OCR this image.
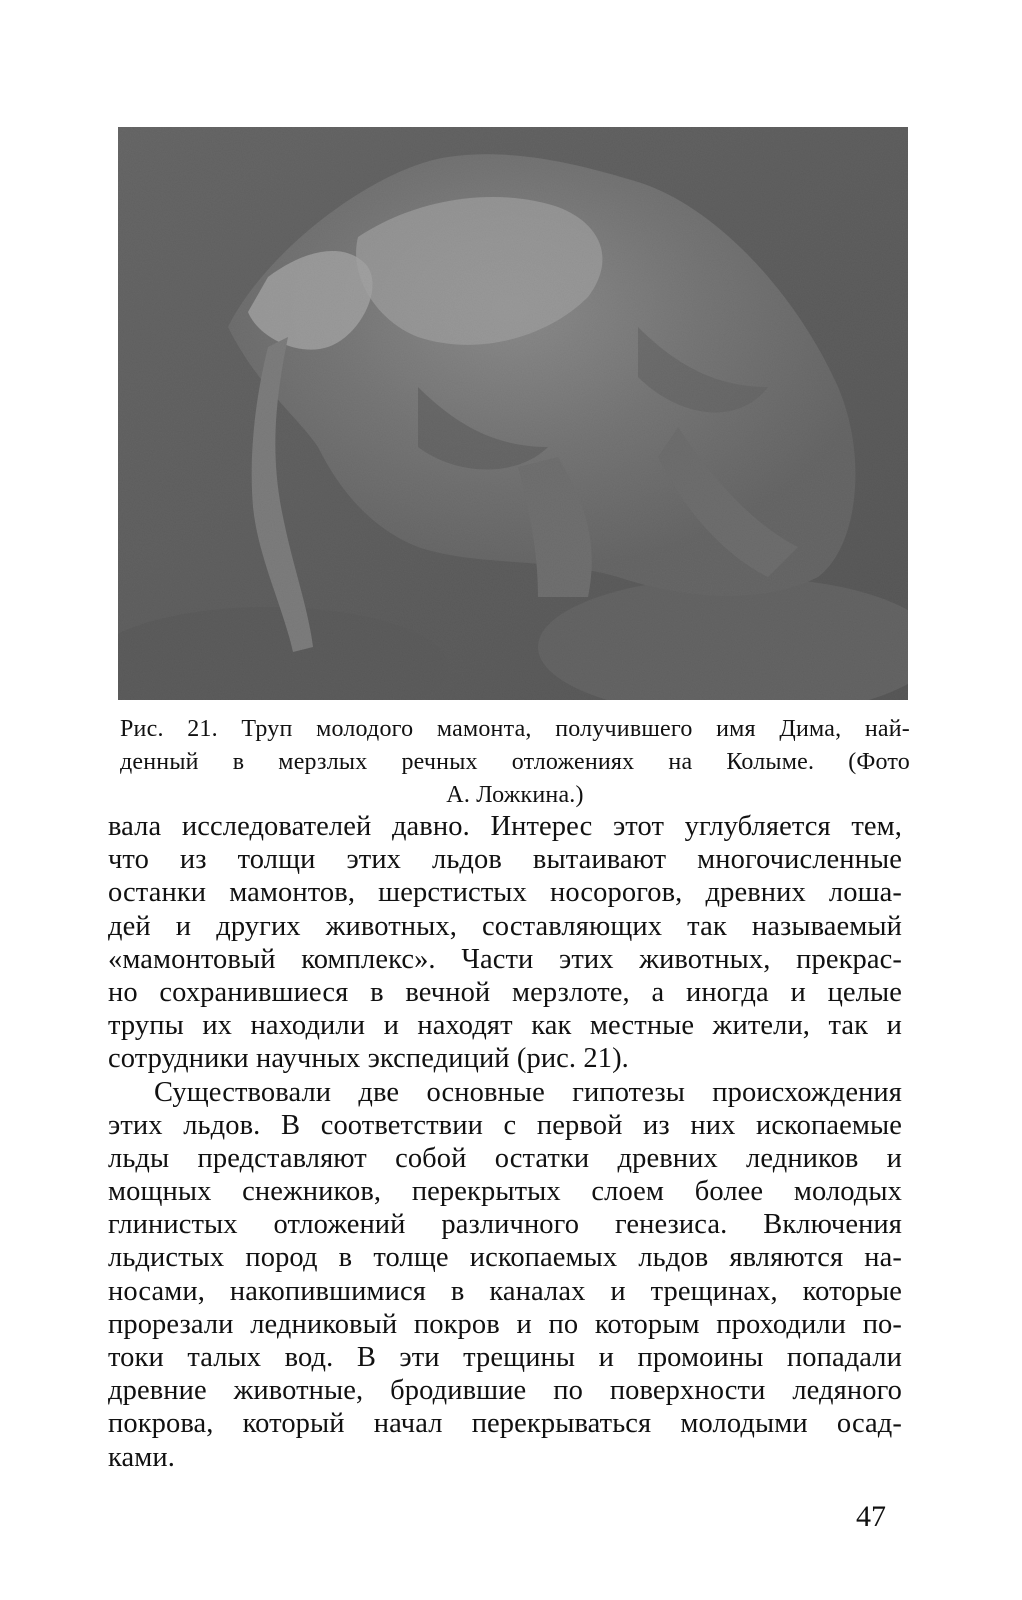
Рис. 21. Труп молодого мамонта, получившего имя Дима, най-
денный в мерзлых речных отложениях на Колыме. (Фото
А. Ложкина.)

вала исследователей давно. Интерес этот углубляется тем,
что из толщи этих льдов вытаивают многочисленные
останки мамонтов, шерстистых носорогов, древних лоша-
дей и других животных, составляющих так называемый
«мамонтовый комплекс». Части этих животных, прекрас-
но сохранившиеся в вечной мерзлоте, а иногда и целые
трупы их находили и находят как местные жители, так и
сотрудники научных экспедиций (рис. 21).

Существовали две основные гипотезы происхождения
этих льдов. В соответствии с первой из них ископаемые
льды представляют собой остатки древних ледников и
мощных снежников, перекрытых слоем более молодых
глинистых отложений различного генезиса. Включения
льдистых пород в толще ископаемых льдов являются на-
носами, накопившимися в каналах и трещинах, которые
прорезали ледниковый покров и по которым проходили по-
токи талых вод. В эти трещины и промоины попадали
древние животные, бродившие по поверхности ледяного
покрова, который начал перекрываться молодыми осад-
ками.

47
